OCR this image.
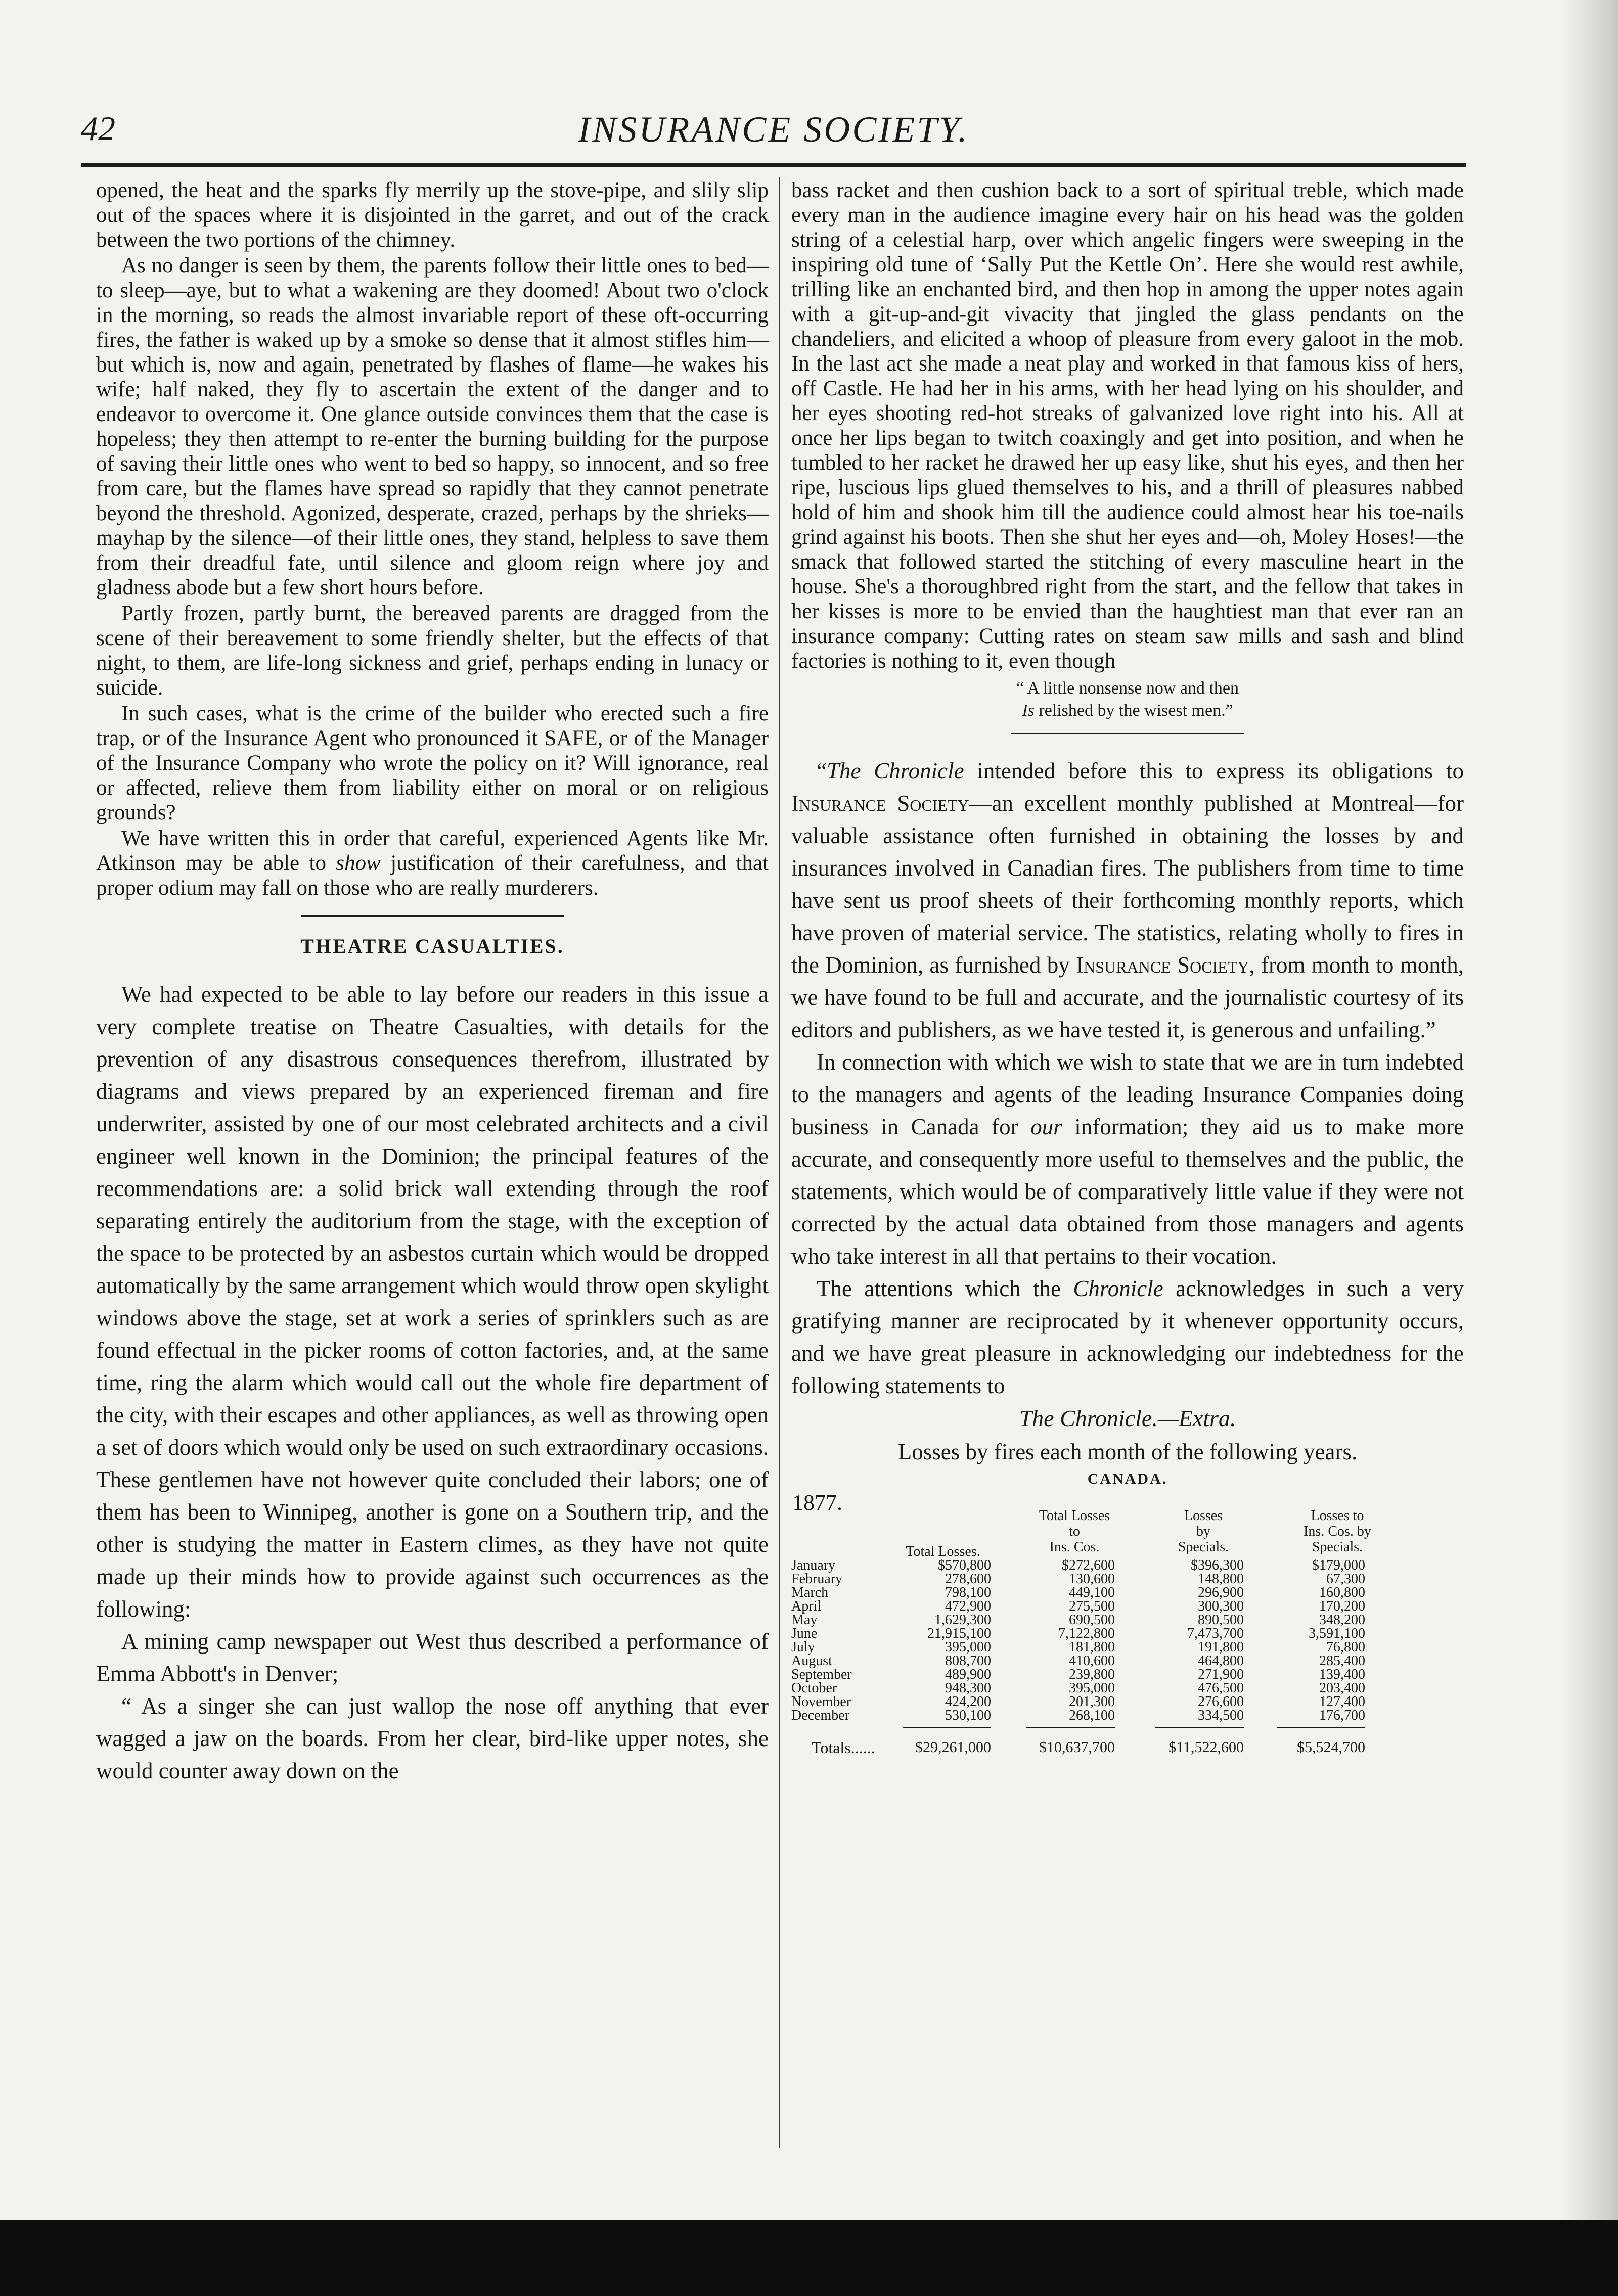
42	INSURANCE SOCIETY.

opened, the heat and the sparks fly merrily up the stove-pipe, and slily slip out of the spaces where it is disjointed in the garret, and out of the crack between the two portions of the chimney.

As no danger is seen by them, the parents follow their little ones to bed—to sleep—aye, but to what a wakening are they doomed! About two o'clock in the morning, so reads the almost invariable report of these oft-occurring fires, the father is waked up by a smoke so dense that it almost stifles him—but which is, now and again, penetrated by flashes of flame—he wakes his wife; half naked, they fly to ascertain the extent of the danger and to endeavor to overcome it. One glance outside convinces them that the case is hopeless; they then attempt to re-enter the burning building for the purpose of saving their little ones who went to bed so happy, so innocent, and so free from care, but the flames have spread so rapidly that they cannot penetrate beyond the threshold. Agonized, desperate, crazed, perhaps by the shrieks—mayhap by the silence—of their little ones, they stand, helpless to save them from their dreadful fate, until silence and gloom reign where joy and gladness abode but a few short hours before.

Partly frozen, partly burnt, the bereaved parents are dragged from the scene of their bereavement to some friendly shelter, but the effects of that night, to them, are life-long sickness and grief, perhaps ending in lunacy or suicide.

In such cases, what is the crime of the builder who erected such a fire trap, or of the Insurance Agent who pronounced it SAFE, or of the Manager of the Insurance Company who wrote the policy on it? Will ignorance, real or affected, relieve them from liability either on moral or on religious grounds?

We have written this in order that careful, experienced Agents like Mr. Atkinson may be able to show justification of their carefulness, and that proper odium may fall on those who are really murderers.

THEATRE CASUALTIES.

We had expected to be able to lay before our readers in this issue a very complete treatise on Theatre Casualties, with details for the prevention of any disastrous consequences therefrom, illustrated by diagrams and views prepared by an experienced fireman and fire underwriter, assisted by one of our most celebrated architects and a civil engineer well known in the Dominion; the principal features of the recommendations are: a solid brick wall extending through the roof separating entirely the auditorium from the stage, with the exception of the space to be protected by an asbestos curtain which would be dropped automatically by the same arrangement which would throw open skylight windows above the stage, set at work a series of sprinklers such as are found effectual in the picker rooms of cotton factories, and, at the same time, ring the alarm which would call out the whole fire department of the city, with their escapes and other appliances, as well as throwing open a set of doors which would only be used on such extraordinary occasions. These gentlemen have not however quite concluded their labors; one of them has been to Winnipeg, another is gone on a Southern trip, and the other is studying the matter in Eastern climes, as they have not quite made up their minds how to provide against such occurrences as the following:

A mining camp newspaper out West thus described a performance of Emma Abbott's in Denver;

“ As a singer she can just wallop the nose off anything that ever wagged a jaw on the boards. From her clear, bird-like upper notes, she would counter away down on the

bass racket and then cushion back to a sort of spiritual treble, which made every man in the audience imagine every hair on his head was the golden string of a celestial harp, over which angelic fingers were sweeping in the inspiring old tune of ‘Sally Put the Kettle On’. Here she would rest awhile, trilling like an enchanted bird, and then hop in among the upper notes again with a git-up-and-git vivacity that jingled the glass pendants on the chandeliers, and elicited a whoop of pleasure from every galoot in the mob. In the last act she made a neat play and worked in that famous kiss of hers, off Castle. He had her in his arms, with her head lying on his shoulder, and her eyes shooting red-hot streaks of galvanized love right into his. All at once her lips began to twitch coaxingly and get into position, and when he tumbled to her racket he drawed her up easy like, shut his eyes, and then her ripe, luscious lips glued themselves to his, and a thrill of pleasures nabbed hold of him and shook him till the audience could almost hear his toe-nails grind against his boots. Then she shut her eyes and—oh, Moley Hoses!—the smack that followed started the stitching of every masculine heart in the house. She's a thoroughbred right from the start, and the fellow that takes in her kisses is more to be envied than the haughtiest man that ever ran an insurance company: Cutting rates on steam saw mills and sash and blind factories is nothing to it, even though

“ A little nonsense now and then
Is relished by the wisest men.”

“The Chronicle intended before this to express its obligations to Insurance Society—an excellent monthly published at Montreal—for valuable assistance often furnished in obtaining the losses by and insurances involved in Canadian fires. The publishers from time to time have sent us proof sheets of their forthcoming monthly reports, which have proven of material service. The statistics, relating wholly to fires in the Dominion, as furnished by Insurance Society, from month to month, we have found to be full and accurate, and the journalistic courtesy of its editors and publishers, as we have tested it, is generous and unfailing.”

In connection with which we wish to state that we are in turn indebted to the managers and agents of the leading Insurance Companies doing business in Canada for our information; they aid us to make more accurate, and consequently more useful to themselves and the public, the statements, which would be of comparatively little value if they were not corrected by the actual data obtained from those managers and agents who take interest in all that pertains to their vocation.

The attentions which the Chronicle acknowledges in such a very gratifying manner are reciprocated by it whenever opportunity occurs, and we have great pleasure in acknowledging our indebtedness for the following statements to

The Chronicle.—Extra.
Losses by fires each month of the following years.
CANADA.
1877.
Total Losses.
Total Losses
to
Ins. Cos.
Losses
by
Specials.
Losses to
Ins. Cos. by
Specials.
January	$570,800	$272,600	$396,300	$179,000
February	278,600	130,600	148,800	67,300
March	798,100	449,100	296,900	160,800
April	472,900	275,500	300,300	170,200
May	1,629,300	690,500	890,500	348,200
June	21,915,100	7,122,800	7,473,700	3,591,100
July	395,000	181,800	191,800	76,800
August	808,700	410,600	464,800	285,400
September	489,900	239,800	271,900	139,400
October	948,300	395,000	476,500	203,400
November	424,200	201,300	276,600	127,400
December	530,100	268,100	334,500	176,700
Totals......	$29,261,000	$10,637,700	$11,522,600	$5,524,700
